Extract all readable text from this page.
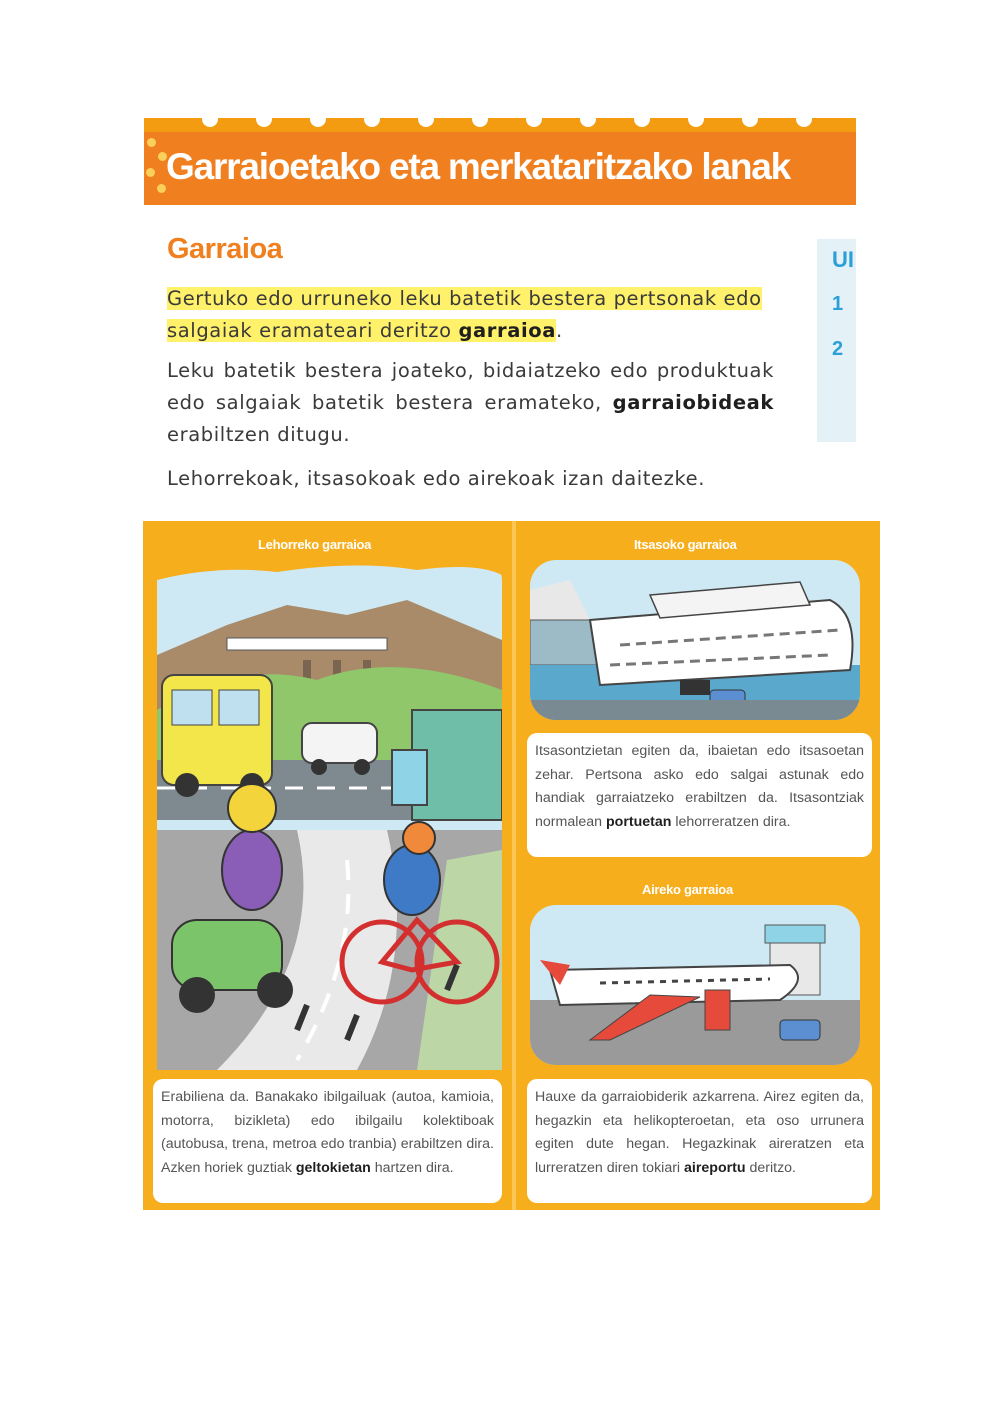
Garraioetako eta merkataritzako lanak
Garraioa

Gertuko edo urruneko leku batetik bestera pertsonak edo salgaiak eramateari deritzo garraioa.

Leku batetik bestera joateko, bidaiatzeko edo produktuak edo salgaiak batetik bestera eramateko, garraiobideak erabiltzen ditugu.

Lehorrekoak, itsasokoak edo airekoak izan daitezke.

UI
1
2
Lehorreko garraioa
Erabiliena da. Banakako ibilgailuak (autoa, kamioia, motorra, bizikleta) edo ibilgailu kolektiboak (autobusa, trena, metroa edo tranbia) erabiltzen dira. Azken horiek guztiak geltokietan hartzen dira.
Itsasoko garraioa
Itsasontzietan egiten da, ibaietan edo itsasoetan zehar. Pertsona asko edo salgai astunak edo handiak garraiatzeko erabiltzen da. Itsasontziak normalean portuetan lehorreratzen dira.
Aireko garraioa
Hauxe da garraiobiderik azkarrena. Airez egiten da, hegazkin eta helikopteroetan, eta oso urrunera egiten dute hegan. Hegazkinak aireratzen eta lurreratzen diren tokiari aireportu deritzo.
